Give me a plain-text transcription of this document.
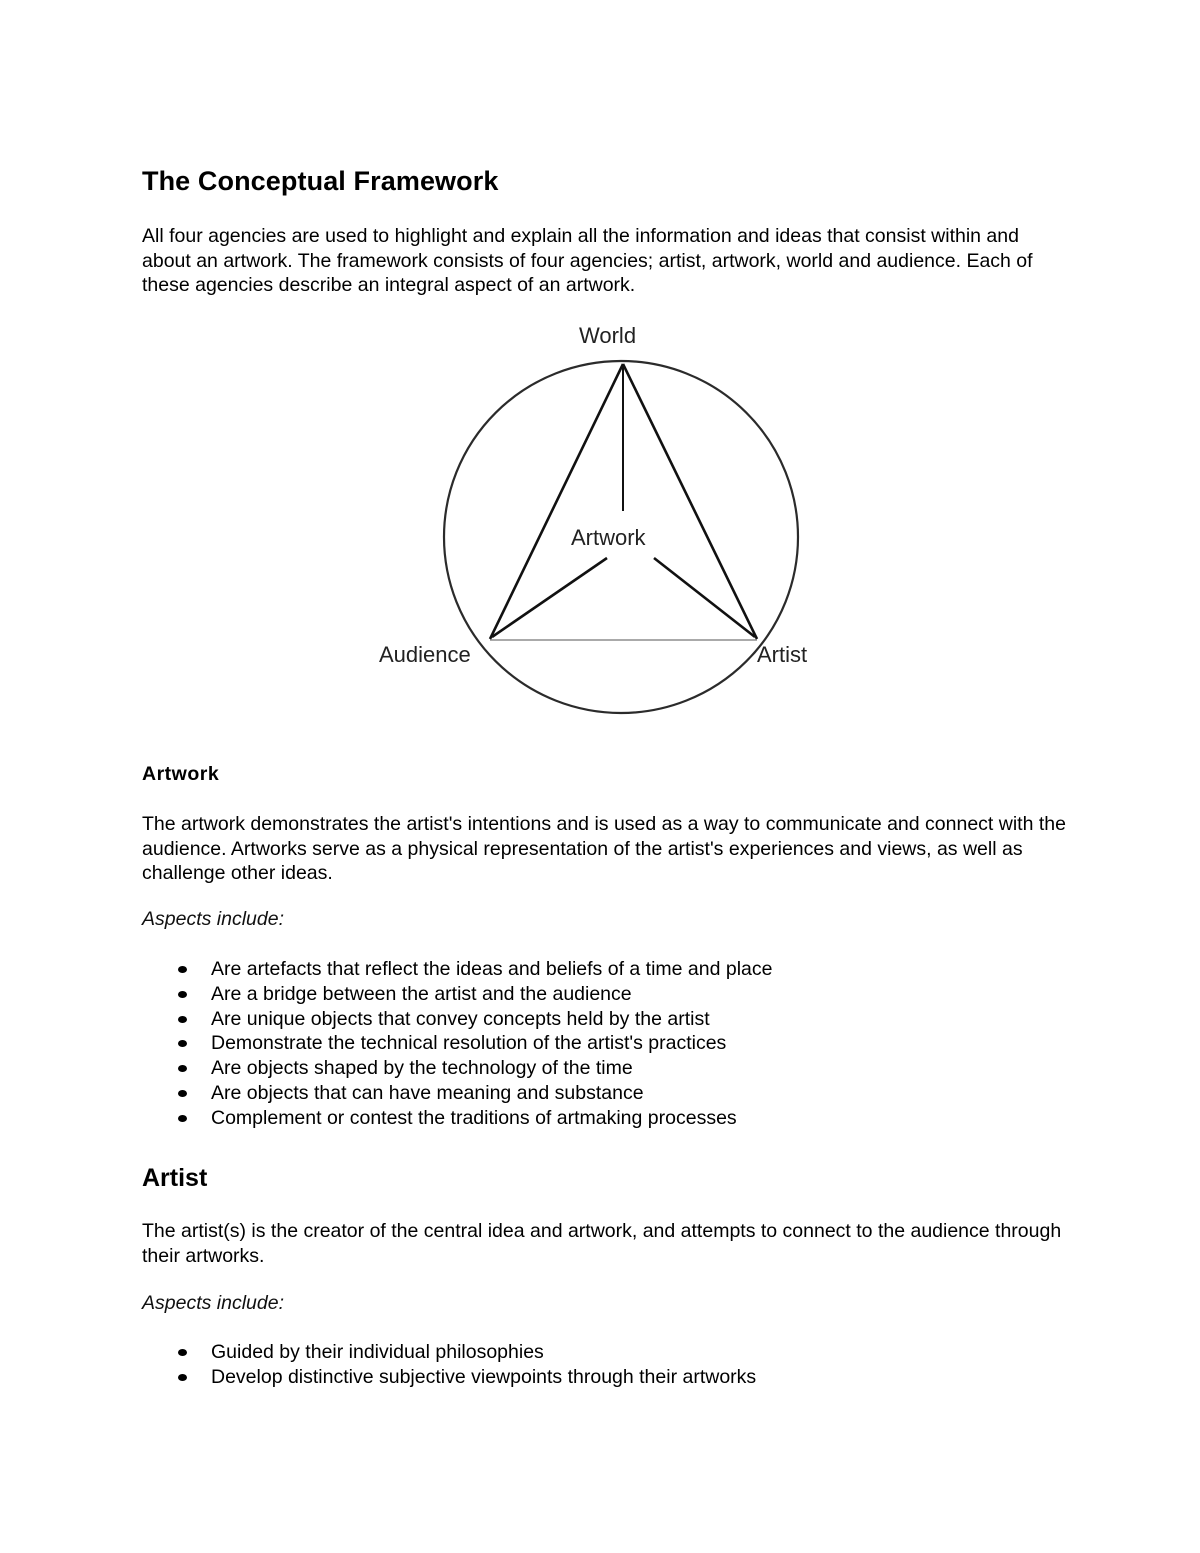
The Conceptual Framework

All four agencies are used to highlight and explain all the information and ideas that consist within and about an artwork. The framework consists of four agencies; artist, artwork, world and audience. Each of these agencies describe an integral aspect of an artwork.

World
Artwork
Audience	Artist
Artwork

The artwork demonstrates the artist's intentions and is used as a way to communicate and connect with the audience. Artworks serve as a physical representation of the artist's experiences and views, as well as challenge other ideas.

Aspects include:

Are artefacts that reflect the ideas and beliefs of a time and place
Are a bridge between the artist and the audience
Are unique objects that convey concepts held by the artist
Demonstrate the technical resolution of the artist's practices
Are objects shaped by the technology of the time
Are objects that can have meaning and substance
Complement or contest the traditions of artmaking processes
Artist

The artist(s) is the creator of the central idea and artwork, and attempts to connect to the audience through their artworks.

Aspects include:

Guided by their individual philosophies
Develop distinctive subjective viewpoints through their artworks
